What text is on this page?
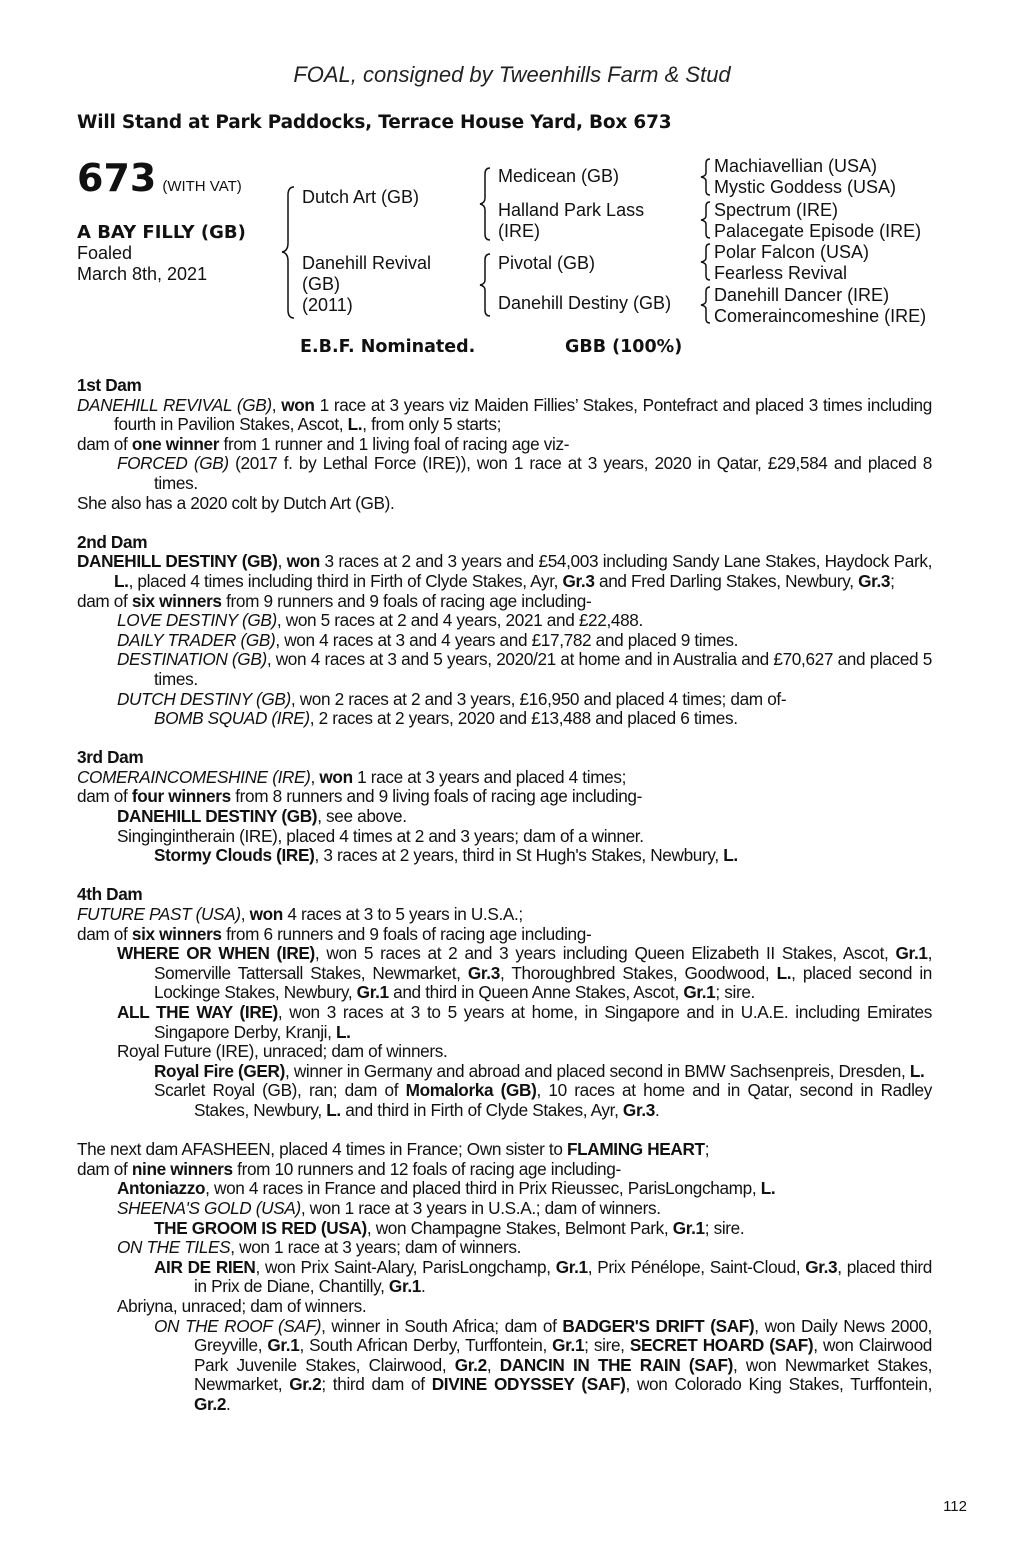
FOAL, consigned by Tweenhills Farm & Stud
Will Stand at Park Paddocks, Terrace House Yard, Box 673
673 (WITH VAT)
A BAY FILLY (GB)
Foaled
March 8th, 2021
Dutch Art (GB)
Danehill Revival
(GB)
(2011)
Medicean (GB)
Halland Park Lass
(IRE)
Pivotal (GB)
Danehill Destiny (GB)
Machiavellian (USA)
Mystic Goddess (USA)
Spectrum (IRE)
Palacegate Episode (IRE)
Polar Falcon (USA)
Fearless Revival
Danehill Dancer (IRE)
Comeraincomeshine (IRE)
E.B.F. Nominated.	GBB (100%)

1st Dam

DANEHILL REVIVAL (GB), won 1 race at 3 years viz Maiden Fillies’ Stakes, Pontefract and placed 3 times including fourth in Pavilion Stakes, Ascot, L., from only 5 starts;

dam of one winner from 1 runner and 1 living foal of racing age viz-

FORCED (GB) (2017 f. by Lethal Force (IRE)), won 1 race at 3 years, 2020 in Qatar, £29,584 and placed 8 times.

She also has a 2020 colt by Dutch Art (GB).

2nd Dam

DANEHILL DESTINY (GB), won 3 races at 2 and 3 years and £54,003 including Sandy Lane Stakes, Haydock Park, L., placed 4 times including third in Firth of Clyde Stakes, Ayr, Gr.3 and Fred Darling Stakes, Newbury, Gr.3;

dam of six winners from 9 runners and 9 foals of racing age including-

LOVE DESTINY (GB), won 5 races at 2 and 4 years, 2021 and £22,488.

DAILY TRADER (GB), won 4 races at 3 and 4 years and £17,782 and placed 9 times.

DESTINATION (GB), won 4 races at 3 and 5 years, 2020/21 at home and in Australia and £70,627 and placed 5 times.

DUTCH DESTINY (GB), won 2 races at 2 and 3 years, £16,950 and placed 4 times; dam of-

BOMB SQUAD (IRE), 2 races at 2 years, 2020 and £13,488 and placed 6 times.

3rd Dam

COMERAINCOMESHINE (IRE), won 1 race at 3 years and placed 4 times;

dam of four winners from 8 runners and 9 living foals of racing age including-

DANEHILL DESTINY (GB), see above.

Singingintherain (IRE), placed 4 times at 2 and 3 years; dam of a winner.

Stormy Clouds (IRE), 3 races at 2 years, third in St Hugh's Stakes, Newbury, L.

4th Dam

FUTURE PAST (USA), won 4 races at 3 to 5 years in U.S.A.;

dam of six winners from 6 runners and 9 foals of racing age including-

WHERE OR WHEN (IRE), won 5 races at 2 and 3 years including Queen Elizabeth II Stakes, Ascot, Gr.1, Somerville Tattersall Stakes, Newmarket, Gr.3, Thoroughbred Stakes, Goodwood, L., placed second in Lockinge Stakes, Newbury, Gr.1 and third in Queen Anne Stakes, Ascot, Gr.1; sire.

ALL THE WAY (IRE), won 3 races at 3 to 5 years at home, in Singapore and in U.A.E. including Emirates Singapore Derby, Kranji, L.

Royal Future (IRE), unraced; dam of winners.

Royal Fire (GER), winner in Germany and abroad and placed second in BMW Sachsenpreis, Dresden, L.

Scarlet Royal (GB), ran; dam of Momalorka (GB), 10 races at home and in Qatar, second in Radley Stakes, Newbury, L. and third in Firth of Clyde Stakes, Ayr, Gr.3.

The next dam AFASHEEN, placed 4 times in France; Own sister to FLAMING HEART;

dam of nine winners from 10 runners and 12 foals of racing age including-

Antoniazzo, won 4 races in France and placed third in Prix Rieussec, ParisLongchamp, L.

SHEENA'S GOLD (USA), won 1 race at 3 years in U.S.A.; dam of winners.

THE GROOM IS RED (USA), won Champagne Stakes, Belmont Park, Gr.1; sire.

ON THE TILES, won 1 race at 3 years; dam of winners.

AIR DE RIEN, won Prix Saint-Alary, ParisLongchamp, Gr.1, Prix Pénélope, Saint-Cloud, Gr.3, placed third in Prix de Diane, Chantilly, Gr.1.

Abriyna, unraced; dam of winners.

ON THE ROOF (SAF), winner in South Africa; dam of BADGER'S DRIFT (SAF), won Daily News 2000, Greyville, Gr.1, South African Derby, Turffontein, Gr.1; sire, SECRET HOARD (SAF), won Clairwood Park Juvenile Stakes, Clairwood, Gr.2, DANCIN IN THE RAIN (SAF), won Newmarket Stakes, Newmarket, Gr.2; third dam of DIVINE ODYSSEY (SAF), won Colorado King Stakes, Turffontein, Gr.2.

112
